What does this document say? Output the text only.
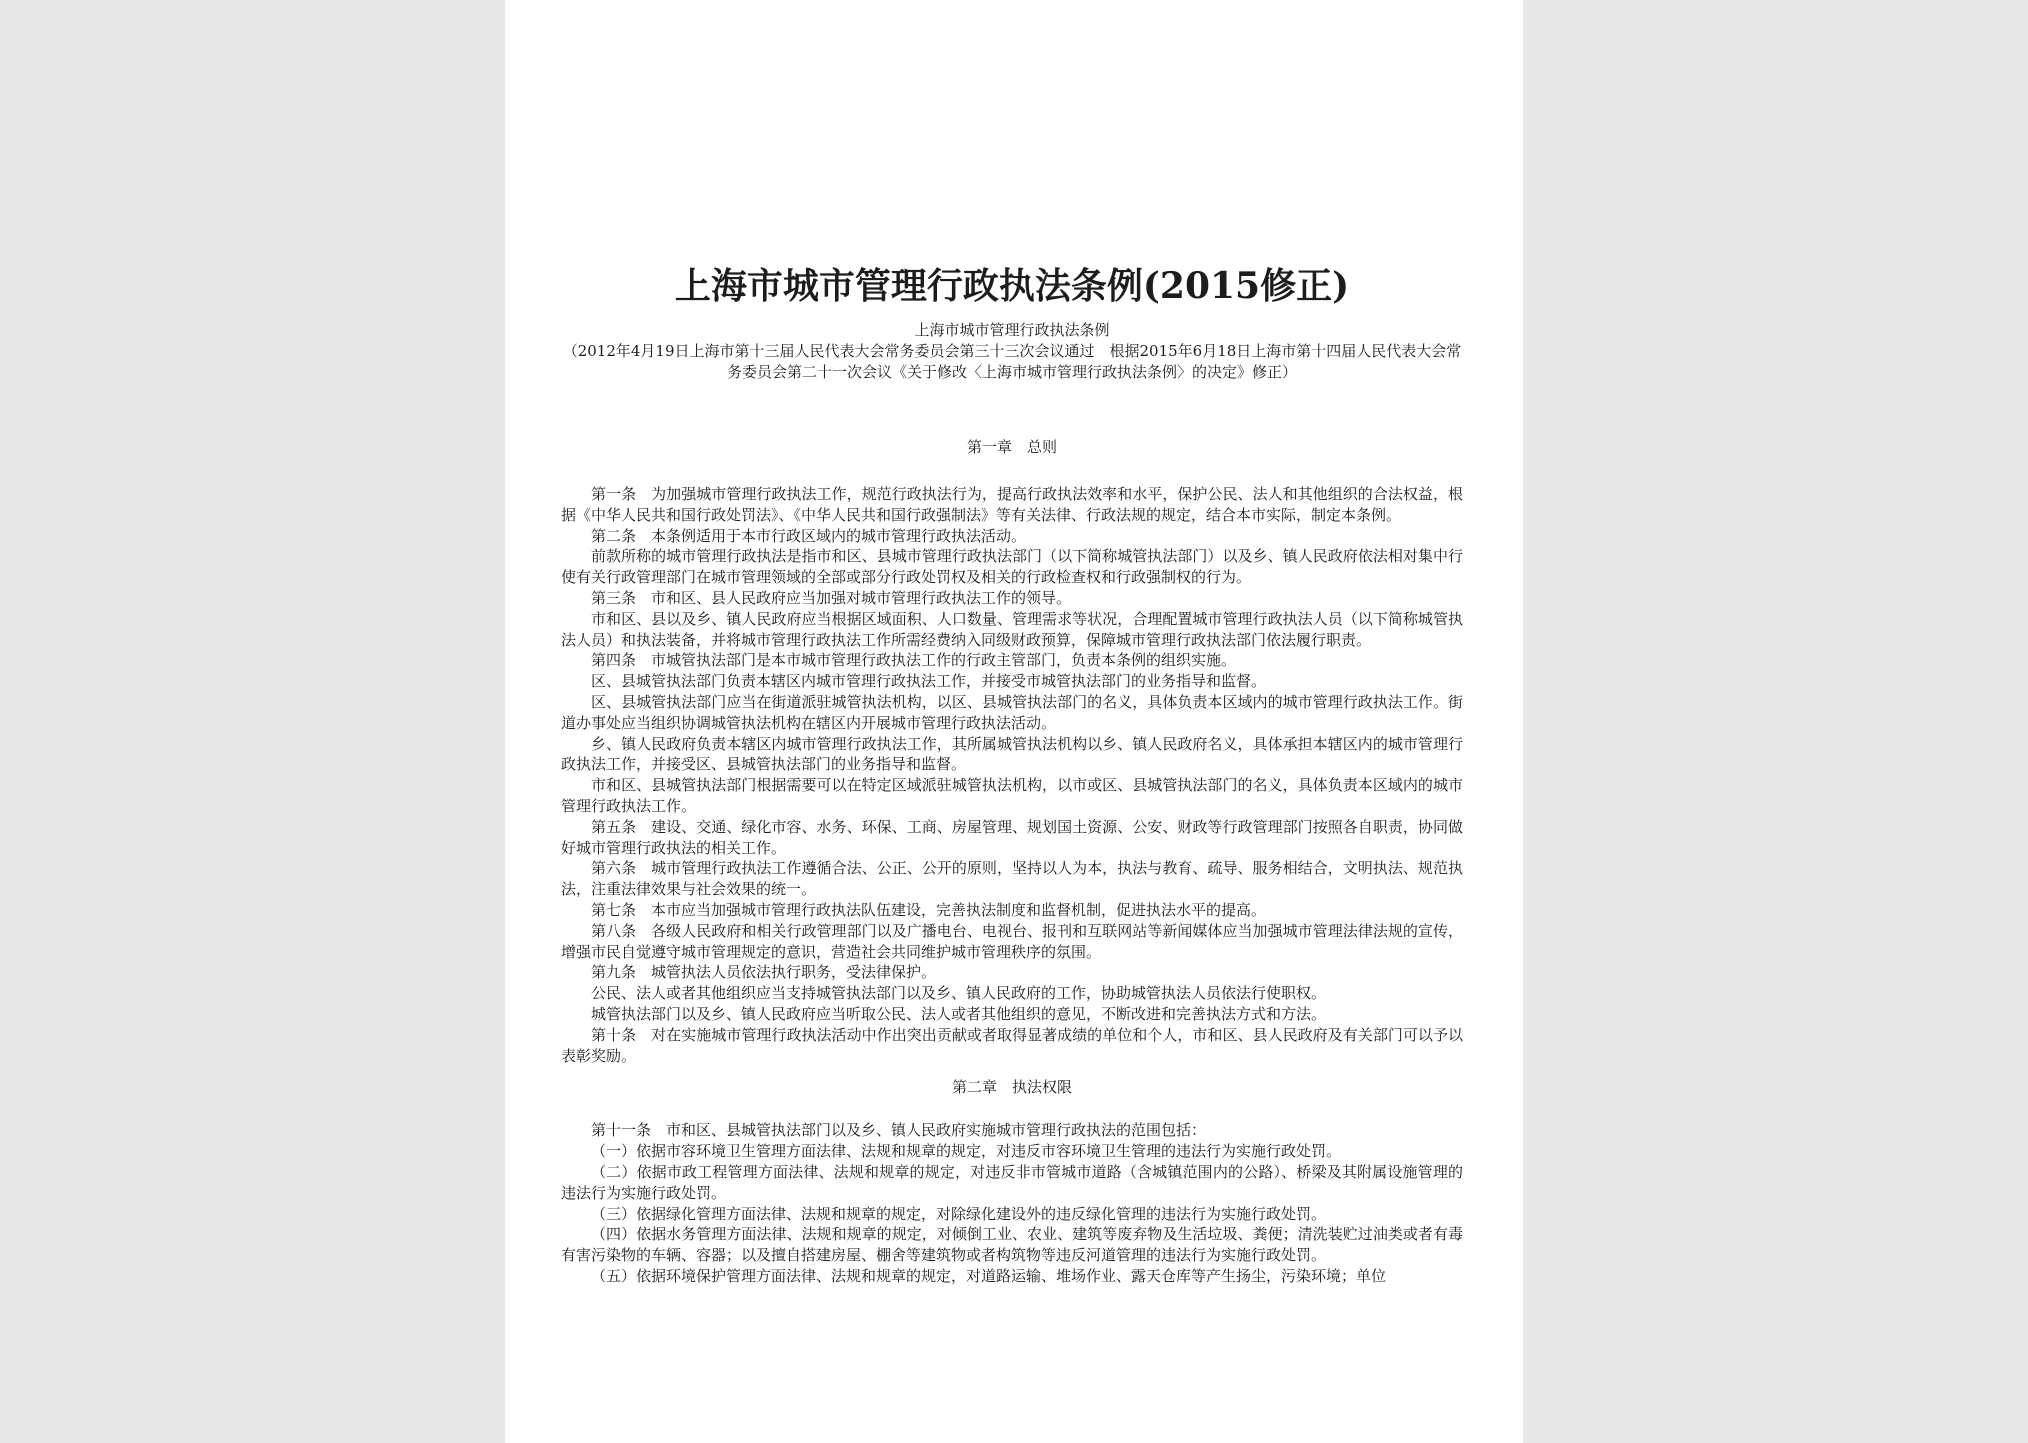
上海市城市管理行政执法条例(2015修正)
上海市城市管理行政执法条例
（2012年4月19日上海市第十三届人民代表大会常务委员会第三十三次会议通过　根据2015年6月18日上海市第十四届人民代表大会常务委员会第二十一次会议《关于修改〈上海市城市管理行政执法条例〉的决定》修正）
第一章　总则
第一条　为加强城市管理行政执法工作，规范行政执法行为，提高行政执法效率和水平，保护公民、法人和其他组织的合法权益，根据《中华人民共和国行政处罚法》、《中华人民共和国行政强制法》等有关法律、行政法规的规定，结合本市实际，制定本条例。
第二条　本条例适用于本市行政区域内的城市管理行政执法活动。
前款所称的城市管理行政执法是指市和区、县城市管理行政执法部门（以下简称城管执法部门）以及乡、镇人民政府依法相对集中行使有关行政管理部门在城市管理领域的全部或部分行政处罚权及相关的行政检查权和行政强制权的行为。
第三条　市和区、县人民政府应当加强对城市管理行政执法工作的领导。
市和区、县以及乡、镇人民政府应当根据区域面积、人口数量、管理需求等状况，合理配置城市管理行政执法人员（以下简称城管执法人员）和执法装备，并将城市管理行政执法工作所需经费纳入同级财政预算，保障城市管理行政执法部门依法履行职责。
第四条　市城管执法部门是本市城市管理行政执法工作的行政主管部门，负责本条例的组织实施。
区、县城管执法部门负责本辖区内城市管理行政执法工作，并接受市城管执法部门的业务指导和监督。
区、县城管执法部门应当在街道派驻城管执法机构，以区、县城管执法部门的名义，具体负责本区域内的城市管理行政执法工作。街道办事处应当组织协调城管执法机构在辖区内开展城市管理行政执法活动。
乡、镇人民政府负责本辖区内城市管理行政执法工作，其所属城管执法机构以乡、镇人民政府名义，具体承担本辖区内的城市管理行政执法工作，并接受区、县城管执法部门的业务指导和监督。
市和区、县城管执法部门根据需要可以在特定区域派驻城管执法机构，以市或区、县城管执法部门的名义，具体负责本区域内的城市管理行政执法工作。
第五条　建设、交通、绿化市容、水务、环保、工商、房屋管理、规划国土资源、公安、财政等行政管理部门按照各自职责，协同做好城市管理行政执法的相关工作。
第六条　城市管理行政执法工作遵循合法、公正、公开的原则，坚持以人为本，执法与教育、疏导、服务相结合，文明执法、规范执法，注重法律效果与社会效果的统一。
第七条　本市应当加强城市管理行政执法队伍建设，完善执法制度和监督机制，促进执法水平的提高。
第八条　各级人民政府和相关行政管理部门以及广播电台、电视台、报刊和互联网站等新闻媒体应当加强城市管理法律法规的宣传，增强市民自觉遵守城市管理规定的意识，营造社会共同维护城市管理秩序的氛围。
第九条　城管执法人员依法执行职务，受法律保护。
公民、法人或者其他组织应当支持城管执法部门以及乡、镇人民政府的工作，协助城管执法人员依法行使职权。
城管执法部门以及乡、镇人民政府应当听取公民、法人或者其他组织的意见，不断改进和完善执法方式和方法。
第十条　对在实施城市管理行政执法活动中作出突出贡献或者取得显著成绩的单位和个人，市和区、县人民政府及有关部门可以予以表彰奖励。
第二章　执法权限
第十一条　市和区、县城管执法部门以及乡、镇人民政府实施城市管理行政执法的范围包括：
（一）依据市容环境卫生管理方面法律、法规和规章的规定，对违反市容环境卫生管理的违法行为实施行政处罚。
（二）依据市政工程管理方面法律、法规和规章的规定，对违反非市管城市道路（含城镇范围内的公路）、桥梁及其附属设施管理的违法行为实施行政处罚。
（三）依据绿化管理方面法律、法规和规章的规定，对除绿化建设外的违反绿化管理的违法行为实施行政处罚。
（四）依据水务管理方面法律、法规和规章的规定，对倾倒工业、农业、建筑等废弃物及生活垃圾、粪便；清洗装贮过油类或者有毒有害污染物的车辆、容器；以及擅自搭建房屋、棚舍等建筑物或者构筑物等违反河道管理的违法行为实施行政处罚。
（五）依据环境保护管理方面法律、法规和规章的规定，对道路运输、堆场作业、露天仓库等产生扬尘，污染环境；单位
